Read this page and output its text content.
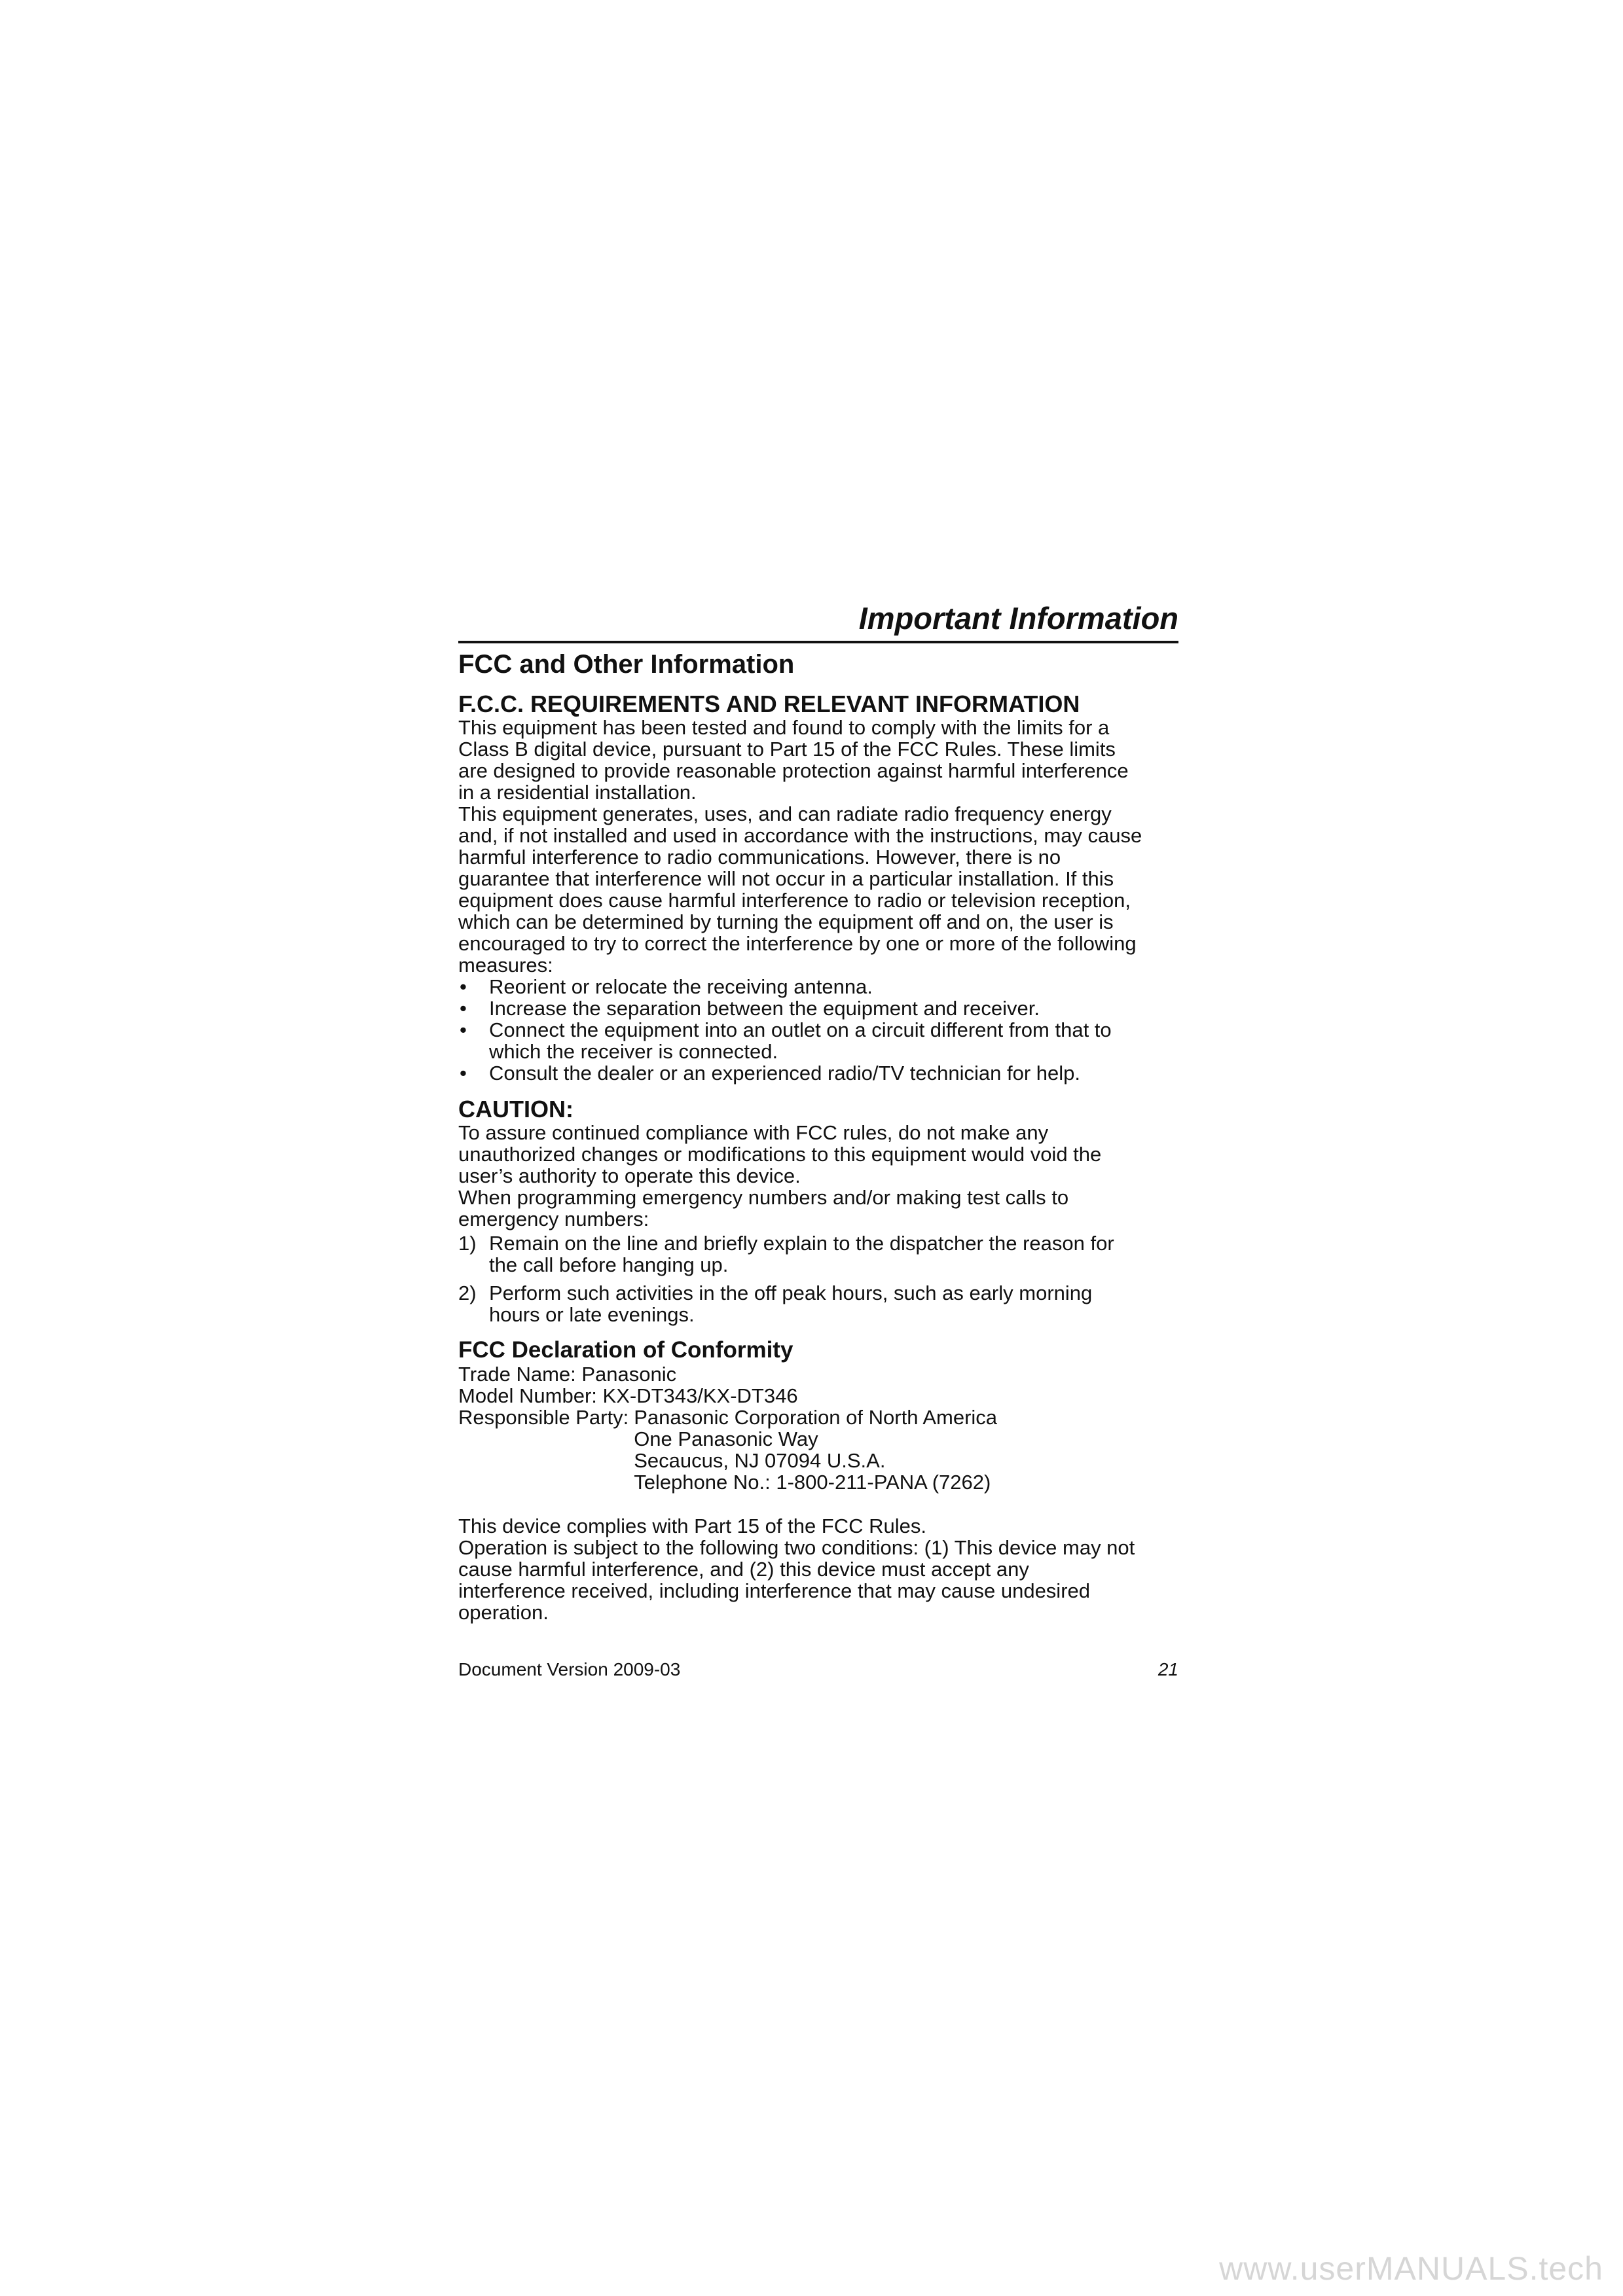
Important Information
FCC and Other Information
F.C.C. REQUIREMENTS AND RELEVANT INFORMATION

This equipment has been tested and found to comply with the limits for a
Class B digital device, pursuant to Part 15 of the FCC Rules. These limits
are designed to provide reasonable protection against harmful interference
in a residential installation.

This equipment generates, uses, and can radiate radio frequency energy
and, if not installed and used in accordance with the instructions, may cause
harmful interference to radio communications. However, there is no
guarantee that interference will not occur in a particular installation. If this
equipment does cause harmful interference to radio or television reception,
which can be determined by turning the equipment off and on, the user is
encouraged to try to correct the interference by one or more of the following
measures:

• Reorient or relocate the receiving antenna.
• Increase the separation between the equipment and receiver.
• Connect the equipment into an outlet on a circuit different from that to
which the receiver is connected.
• Consult the dealer or an experienced radio/TV technician for help.
CAUTION:

To assure continued compliance with FCC rules, do not make any
unauthorized changes or modifications to this equipment would void the
user’s authority to operate this device.

When programming emergency numbers and/or making test calls to
emergency numbers:

1) Remain on the line and briefly explain to the dispatcher the reason for
the call before hanging up.
2) Perform such activities in the off peak hours, such as early morning
hours or late evenings.
FCC Declaration of Conformity

Trade Name: Panasonic

Model Number: KX-DT343/KX-DT346

Responsible Party: Panasonic Corporation of North America
One Panasonic Way
Secaucus, NJ 07094 U.S.A.
Telephone No.: 1-800-211-PANA (7262)

This device complies with Part 15 of the FCC Rules.

Operation is subject to the following two conditions: (1) This device may not
cause harmful interference, and (2) this device must accept any
interference received, including interference that may cause undesired
operation.

Document Version 2009-03	21
www.userMANUALS.tech
